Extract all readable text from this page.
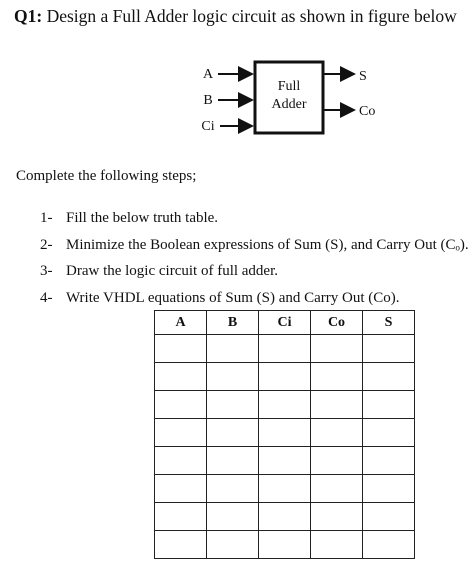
Q1: Design a Full Adder logic circuit as shown in figure below
Full
Adder
A
B
Ci
S
Co
Complete the following steps;
1- Fill the below truth table.
2- Minimize the Boolean expressions of Sum (S), and Carry Out (Cₒ).
3- Draw the logic circuit of full adder.
4- Write VHDL equations of Sum (S) and Carry Out (Co).
A	B	Ci	Co	S
